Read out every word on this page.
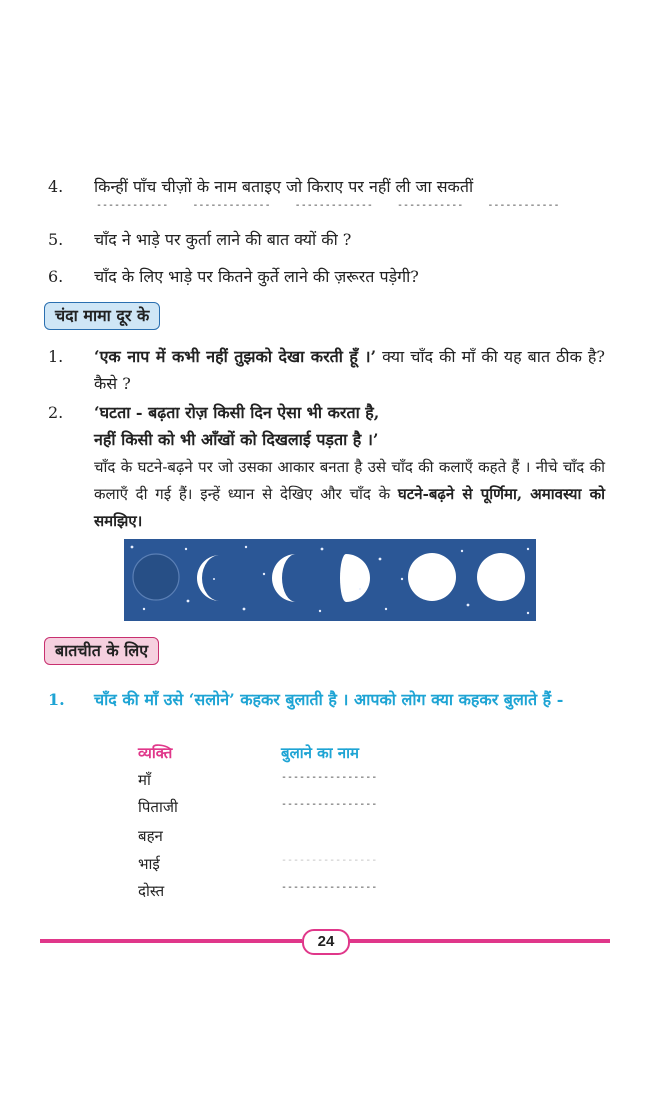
4.	किन्हीं पाँच चीज़ों के नाम बताइए जो किराए पर नहीं ली जा सकतीं
------------    -------------    -------------    -----------    ------------
5.	चाँद ने भाड़े पर कुर्ता लाने की बात क्यों की ?
6.	चाँद के लिए भाड़े पर कितने कुर्ते लाने की ज़रूरत पड़ेगी?
चंदा मामा दूर के
1.	‘एक नाप में कभी नहीं तुझको देखा करती हूँ ।’ क्या चाँद की माँ की यह बात ठीक है? कैसे ?
2.	‘घटता - बढ़ता रोज़ किसी दिन ऐसा भी करता है,
नहीं किसी को भी आँखों को दिखलाई पड़ता है ।’
चाँद के घटने-बढ़ने पर जो उसका आकार बनता है उसे चाँद की कलाएँ कहते हैं । नीचे चाँद की कलाएँ दी गई हैं। इन्हें ध्यान से देखिए और चाँद के घटने-बढ़ने से पूर्णिमा, अमावस्या को समझिए।
बातचीत के लिए
1. चाँद की माँ उसे ‘सलोने’ कहकर बुलाती है । आपको लोग क्या कहकर बुलाते हैं -
व्यक्ति	बुलाने का नाम
माँ	----------------
पिताजी	----------------
बहन
भाई	----------------
दोस्त	----------------
24
